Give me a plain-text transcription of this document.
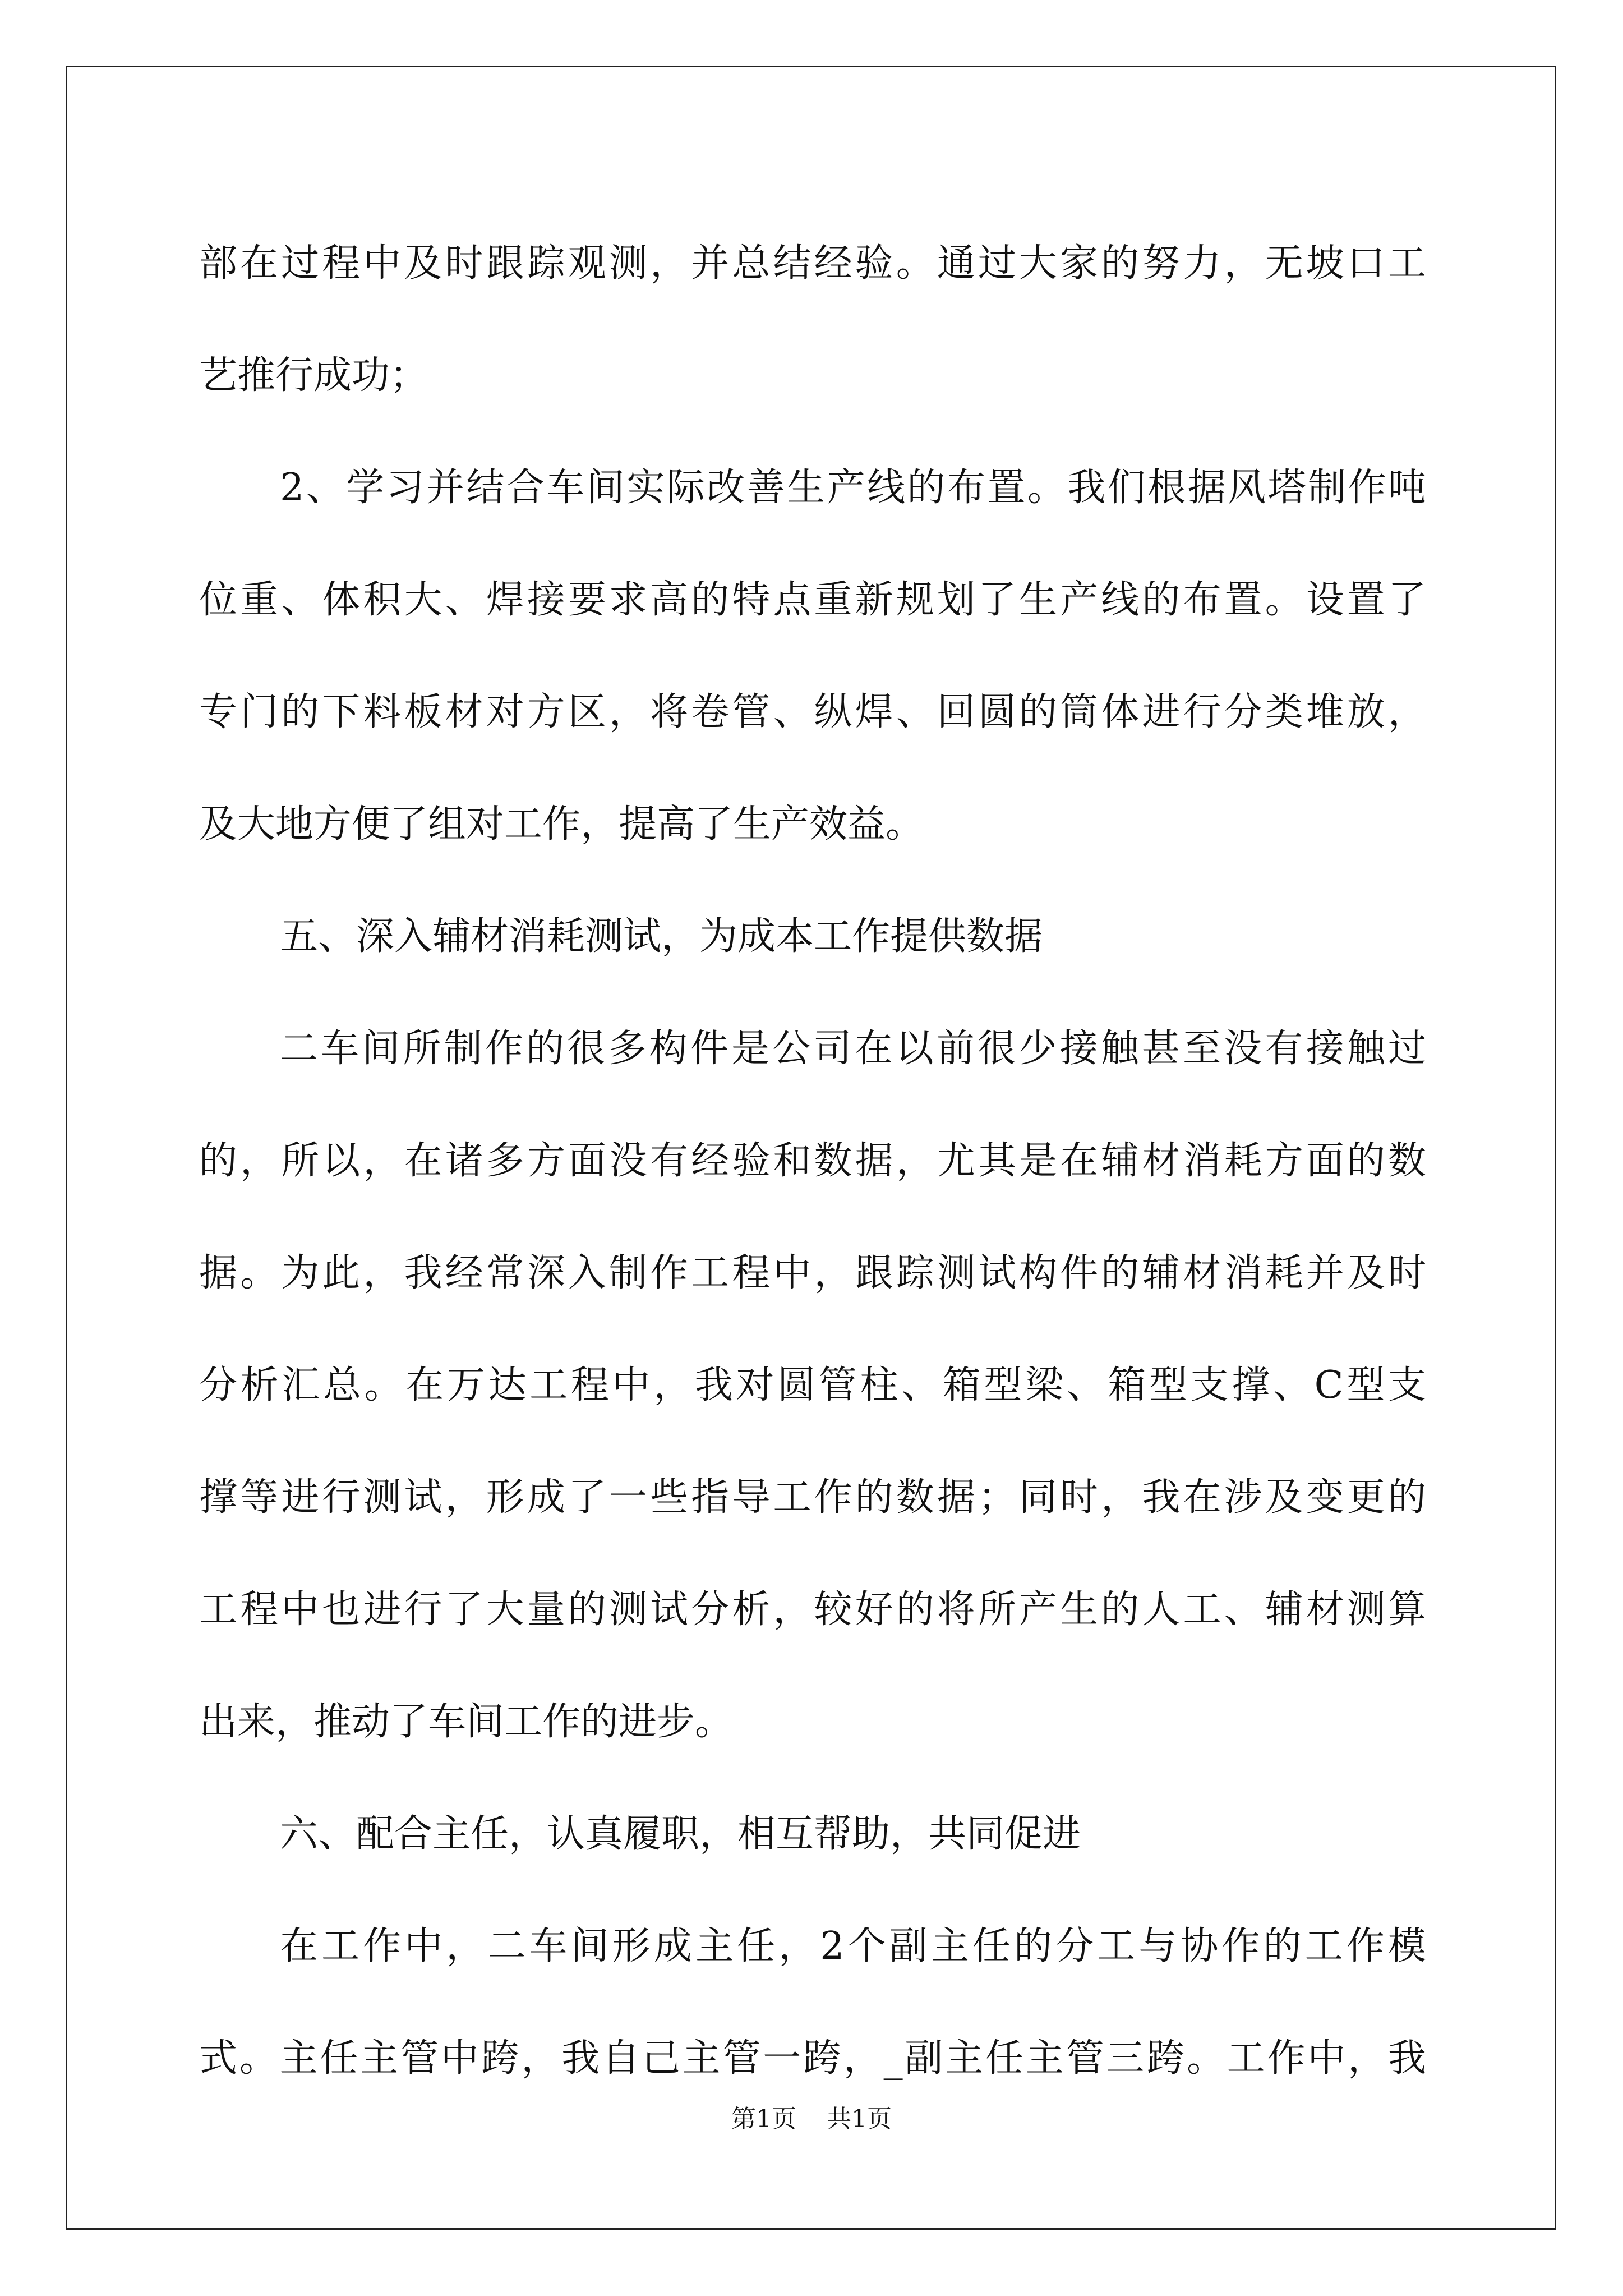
部在过程中及时跟踪观测，并总结经验。通过大家的努力，无坡口工
艺推行成功；
2、学习并结合车间实际改善生产线的布置。我们根据风塔制作吨
位重、体积大、焊接要求高的特点重新规划了生产线的布置。设置了
专门的下料板材对方区，将卷管、纵焊、回圆的筒体进行分类堆放，
及大地方便了组对工作，提高了生产效益。
五、深入辅材消耗测试，为成本工作提供数据
二车间所制作的很多构件是公司在以前很少接触甚至没有接触过
的，所以，在诸多方面没有经验和数据，尤其是在辅材消耗方面的数
据。为此，我经常深入制作工程中，跟踪测试构件的辅材消耗并及时
分析汇总。在万达工程中，我对圆管柱、箱型梁、箱型支撑、C型支
撑等进行测试，形成了一些指导工作的数据；同时，我在涉及变更的
工程中也进行了大量的测试分析，较好的将所产生的人工、辅材测算
出来，推动了车间工作的进步。
六、配合主任，认真履职，相互帮助，共同促进
在工作中，二车间形成主任，2个副主任的分工与协作的工作模
式。主任主管中跨，我自己主管一跨，_副主任主管三跨。工作中，我
第1页 共1页
